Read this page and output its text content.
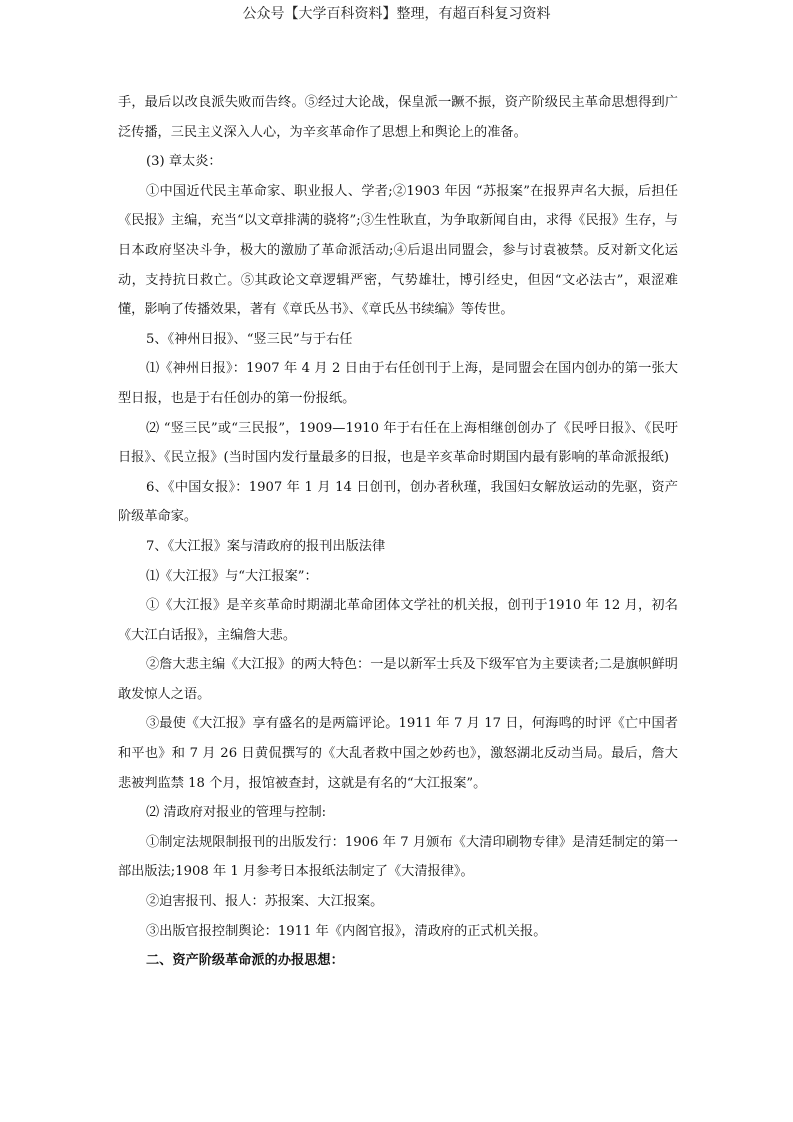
公众号【大学百科资料】整理，有超百科复习资料

手，最后以改良派失败而告终。⑤经过大论战，保皇派一蹶不振，资产阶级民主革命思想得到广泛传播，三民主义深入人心，为辛亥革命作了思想上和舆论上的准备。

(3) 章太炎：

①中国近代民主革命家、职业报人、学者;②1903 年因 “苏报案”在报界声名大振，后担任《民报》主编，充当“以文章排满的骁将”;③生性耿直，为争取新闻自由，求得《民报》生存，与日本政府坚决斗争，极大的激励了革命派活动;④后退出同盟会，参与讨袁被禁。反对新文化运动，支持抗日救亡。⑤其政论文章逻辑严密，气势雄壮，博引经史，但因“文必法古”，艰涩难懂，影响了传播效果，著有《章氏丛书》、《章氏丛书续编》等传世。

5、《神州日报》、“竖三民”与于右任

⑴《神州日报》：1907 年 4 月 2 日由于右任创刊于上海，是同盟会在国内创办的第一张大型日报，也是于右任创办的第一份报纸。

⑵ “竖三民”或“三民报”，1909—1910 年于右任在上海相继创创办了《民呼日报》、《民吁日报》、《民立报》(当时国内发行量最多的日报，也是辛亥革命时期国内最有影响的革命派报纸)

6、《中国女报》：1907 年 1 月 14 日创刊，创办者秋瑾，我国妇女解放运动的先驱，资产阶级革命家。

7、《大江报》案与清政府的报刊出版法律

⑴《大江报》与“大江报案”：

①《大江报》是辛亥革命时期湖北革命团体文学社的机关报，创刊于1910 年 12 月，初名《大江白话报》，主编詹大悲。

②詹大悲主编《大江报》的两大特色：一是以新军士兵及下级军官为主要读者;二是旗帜鲜明敢发惊人之语。

③最使《大江报》享有盛名的是两篇评论。1911 年 7 月 17 日，何海鸣的时评《亡中国者和平也》和 7 月 26 日黄侃撰写的《大乱者救中国之妙药也》，激怒湖北反动当局。最后，詹大悲被判监禁 18 个月，报馆被查封，这就是有名的“大江报案”。

⑵ 清政府对报业的管理与控制:

①制定法规限制报刊的出版发行：1906 年 7 月颁布《大清印刷物专律》是清廷制定的第一部出版法;1908 年 1 月参考日本报纸法制定了《大清报律》。

②迫害报刊、报人：苏报案、大江报案。

③出版官报控制舆论：1911 年《内阁官报》，清政府的正式机关报。

二、资产阶级革命派的办报思想：
